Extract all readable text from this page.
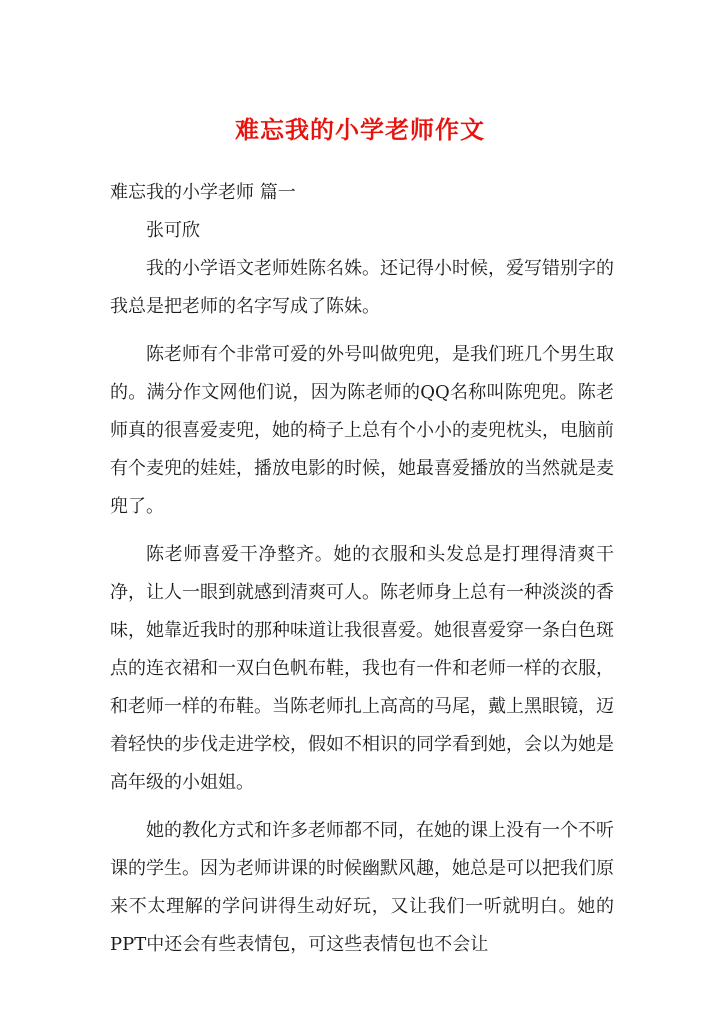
难忘我的小学老师作文

难忘我的小学老师 篇一

张可欣

我的小学语文老师姓陈名姝。还记得小时候，爱写错别字的我总是把老师的名字写成了陈妹。

陈老师有个非常可爱的外号叫做兜兜，是我们班几个男生取的。满分作文网他们说，因为陈老师的QQ名称叫陈兜兜。陈老师真的很喜爱麦兜，她的椅子上总有个小小的麦兜枕头，电脑前有个麦兜的娃娃，播放电影的时候，她最喜爱播放的当然就是麦兜了。

陈老师喜爱干净整齐。她的衣服和头发总是打理得清爽干净，让人一眼到就感到清爽可人。陈老师身上总有一种淡淡的香味，她靠近我时的那种味道让我很喜爱。她很喜爱穿一条白色斑点的连衣裙和一双白色帆布鞋，我也有一件和老师一样的衣服，和老师一样的布鞋。当陈老师扎上高高的马尾，戴上黑眼镜，迈着轻快的步伐走进学校，假如不相识的同学看到她，会以为她是高年级的小姐姐。

她的教化方式和许多老师都不同，在她的课上没有一个不听课的学生。因为老师讲课的时候幽默风趣，她总是可以把我们原来不太理解的学问讲得生动好玩，又让我们一听就明白。她的PPT中还会有些表情包，可这些表情包也不会让
